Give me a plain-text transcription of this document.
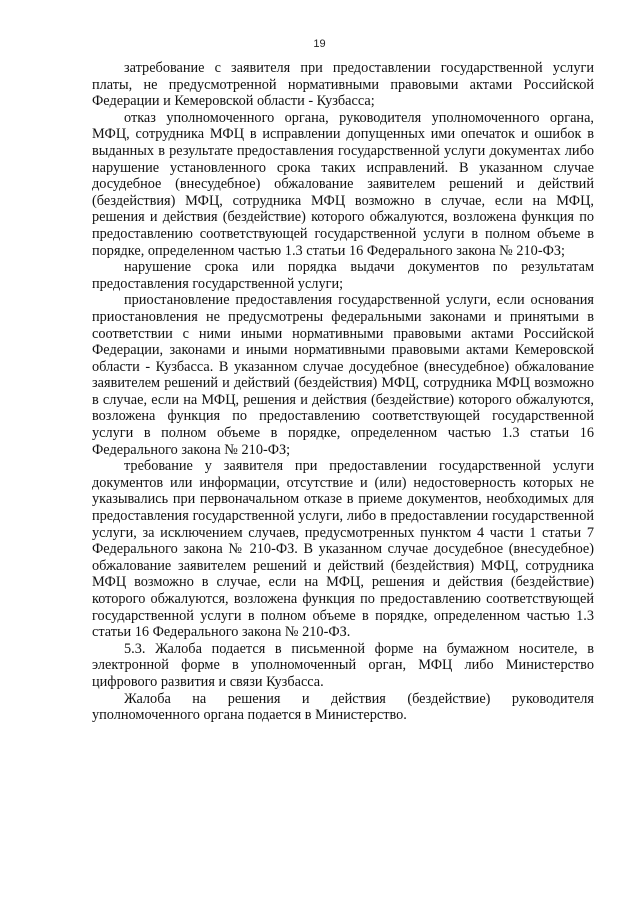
19

затребование с заявителя при предоставлении государственной услуги платы, не предусмотренной нормативными правовыми актами Российской Федерации и Кемеровской области - Кузбасса;

отказ уполномоченного органа, руководителя уполномоченного органа, МФЦ, сотрудника МФЦ в исправлении допущенных ими опечаток и ошибок в выданных в результате предоставления государственной услуги документах либо нарушение установленного срока таких исправлений. В указанном случае досудебное (внесудебное) обжалование заявителем решений и действий (бездействия) МФЦ, сотрудника МФЦ возможно в случае, если на МФЦ, решения и действия (бездействие) которого обжалуются, возложена функция по предоставлению соответствующей государственной услуги в полном объеме в порядке, определенном частью 1.3 статьи 16 Федерального закона № 210-ФЗ;

нарушение срока или порядка выдачи документов по результатам предоставления государственной услуги;

приостановление предоставления государственной услуги, если основания приостановления не предусмотрены федеральными законами и принятыми в соответствии с ними иными нормативными правовыми актами Российской Федерации, законами и иными нормативными правовыми актами Кемеровской области - Кузбасса. В указанном случае досудебное (внесудебное) обжалование заявителем решений и действий (бездействия) МФЦ, сотрудника МФЦ возможно в случае, если на МФЦ, решения и действия (бездействие) которого обжалуются, возложена функция по предоставлению соответствующей государственной услуги в полном объеме в порядке, определенном частью 1.3 статьи 16 Федерального закона № 210-ФЗ;

требование у заявителя при предоставлении государственной услуги документов или информации, отсутствие и (или) недостоверность которых не указывались при первоначальном отказе в приеме документов, необходимых для предоставления государственной услуги, либо в предоставлении государственной услуги, за исключением случаев, предусмотренных пунктом 4 части 1 статьи 7 Федерального закона № 210-ФЗ. В указанном случае досудебное (внесудебное) обжалование заявителем решений и действий (бездействия) МФЦ, сотрудника МФЦ возможно в случае, если на МФЦ, решения и действия (бездействие) которого обжалуются, возложена функция по предоставлению соответствующей государственной услуги в полном объеме в порядке, определенном частью 1.3 статьи 16 Федерального закона № 210-ФЗ.

5.3. Жалоба подается в письменной форме на бумажном носителе, в электронной форме в уполномоченный орган, МФЦ либо Министерство цифрового развития и связи Кузбасса.

Жалоба на решения и действия (бездействие) руководителя уполномоченного органа подается в Министерство.
